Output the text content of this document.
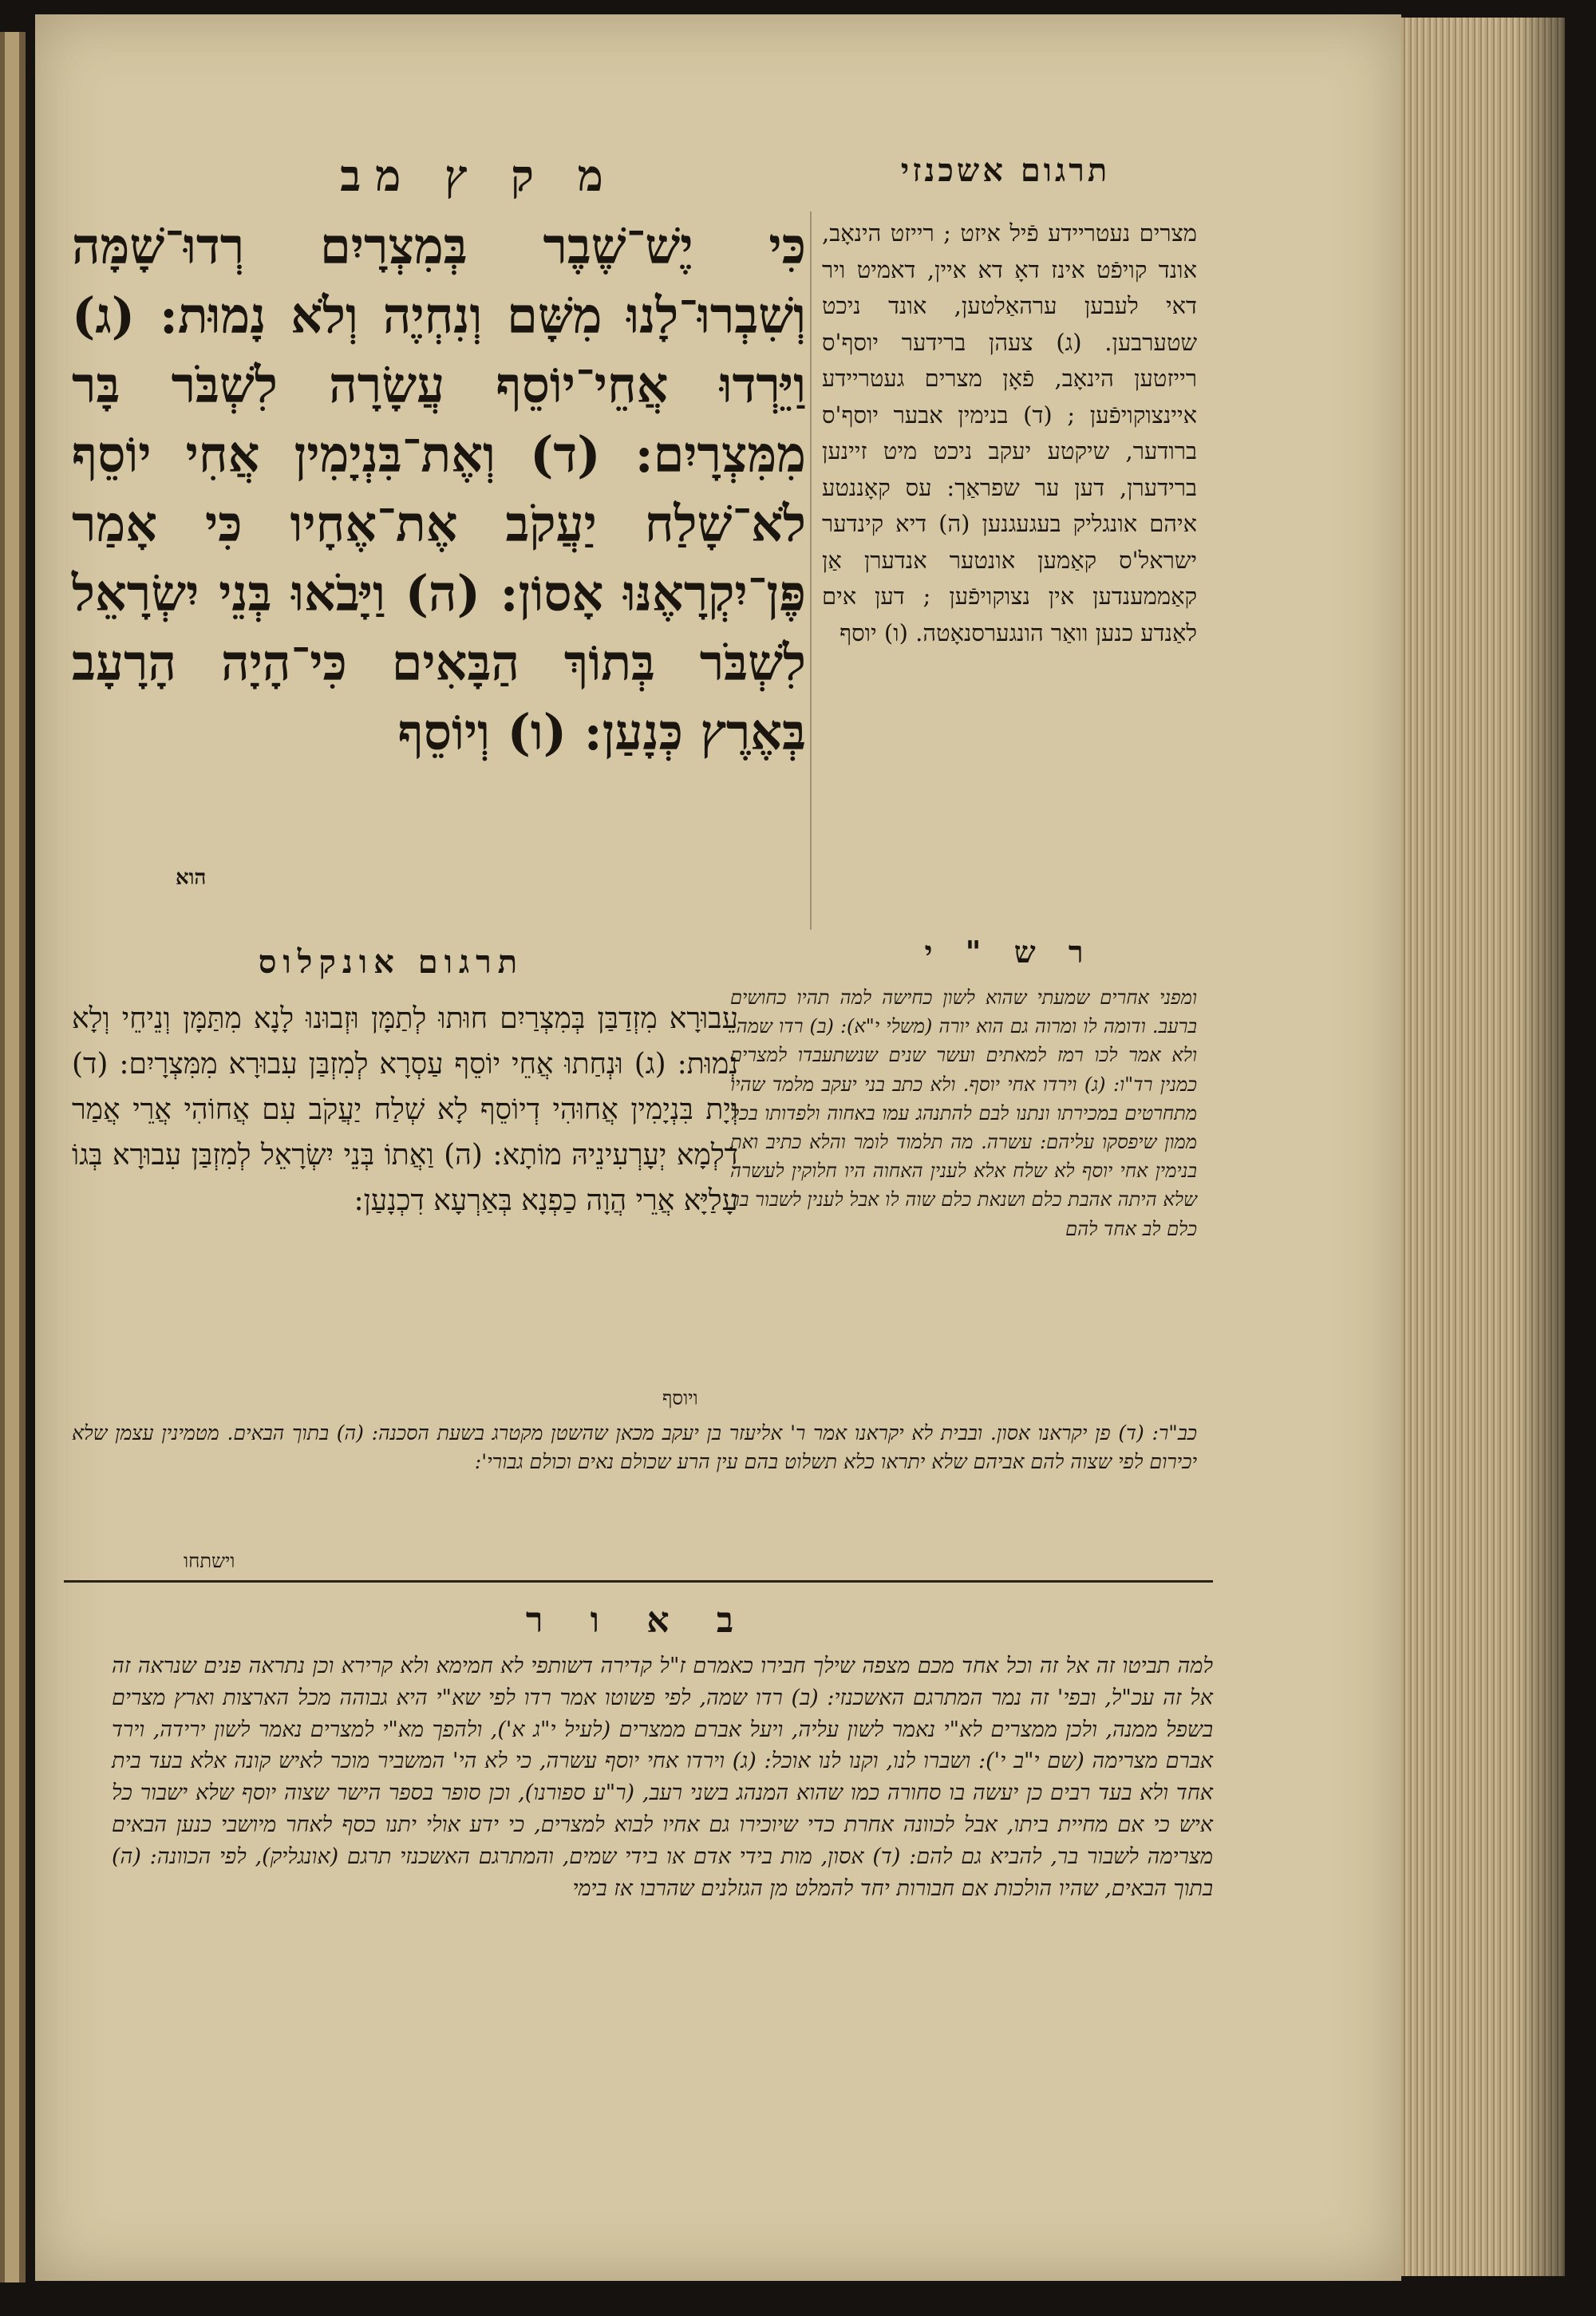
מ ק ץ מב	תרגום אשכנזי
כִּי יֶשׁ־שֶׁבֶר בְּמִצְרָיִם רְדוּ־שָׁמָּה וְשִׁבְרוּ־לָנוּ מִשָּׁם וְנִחְיֶה וְלֹא נָמוּת: (ג) וַיֵּרְדוּ אֲחֵי־יוֹסֵף עֲשָׂרָה לִשְׁבֹּר בָּר מִמִּצְרָיִם: (ד) וְאֶת־בִּנְיָמִין אֲחִי יוֹסֵף לֹא־שָׁלַח יַעֲקֹב אֶת־אֶחָיו כִּי אָמַר פֶּן־יִקְרָאֶנּוּ אָסוֹן: (ה) וַיָּבֹאוּ בְּנֵי יִשְׂרָאֵל לִשְׁבֹּר בְּתוֹךְ הַבָּאִים כִּי־הָיָה הָרָעָב בְּאֶרֶץ כְּנָעַן: (ו) וְיוֹסֵף
הוא
מצרים נעטריידע פֿיל איזט ; רייזט הינאָב, אונד קויפֿט אינז דאָ דא איין, דאמיט ויר דאי לעבען ערהאַלטען, אונד ניכט שטערבען. (ג) צעהן ברידער יוסף'ס רייזטען הינאָב, פֿאָן מצרים געטריידע איינצוקויפֿען ; (ד) בנימין אבער יוסף'ס ברודער, שיקטע יעקב ניכט מיט זיינען ברידערן, דען ער שפראַך: עס קאָננטע איהם אונגליק בעגעגנען (ה) דיא קינדער ישראל'ס קאַמען אונטער אנדערן אַן קאַממענדען אין נצוקויפֿען ; דען אים לאַנדע כנען וואַר הונגערסנאָטה. (ו) יוסף
ר ש " י
תרגום אונקלוס
עִבוּרָא מִזְדַבַּן בְּמִצְרַיִם חוּתוּ לְתַמָּן וּזְבוּנוּ לָנָא מִתַּמָּן וְנֵיחֵי וְלָא נְמוּת: (ג) וּנְחַתוּ אֲחֵי יוֹסֵף עַסְרָא לְמִזְבַּן עִבוּרָא מִמִּצְרָיִם: (ד) וְיָת בִּנְיָמִין אֲחוּהִי דְיוֹסֵף לָא שְׁלַח יַעֲקֹב עִם אֲחוֹהִי אֲרֵי אֲמַר דִלְמָא יְעָרְעִינֵיהּ מוֹתָא: (ה) וַאֲתוֹ בְּנֵי יִשְׂרָאֵל לְמִזְבַּן עִבוּרָא בְּגוֹ עָלַיָּא אֲרֵי הֲוָה כַפְנָא בְּאַרְעָא דִכְנָעַן:
ויוסף
ומפני אחרים שמעתי שהוא לשון כחישה למה תהיו כחושים ברעב. ודומה לו ומרוה גם הוא יורה (משלי י"א): (ב) רדו שמה. ולא אמר לכו רמז למאתים ועשר שנים שנשתעבדו למצרים כמנין רד"ו: (ג) וירדו אחי יוסף. ולא כתב בני יעקב מלמד שהיו מתחרטים במכירתו ונתנו לבם להתנהג עמו באחוה ולפדותו בכל ממון שיפסקו עליהם: עשרה. מה תלמוד לומר והלא כתיב ואת בנימין אחי יוסף לא שלח אלא לענין האחוה היו חלוקין לעשרה שלא היתה אהבת כלם ושנאת כלם שוה לו אבל לענין לשבור בר כלם לב אחד להם
כב"ר: (ד) פן יקראנו אסון. ובבית לא יקראנו אמר ר' אליעזר בן יעקב מכאן שהשטן מקטרג בשעת הסכנה: (ה) בתוך הבאים. מטמינין עצמן שלא יכירום לפי שצוה להם אביהם שלא יתראו כלא תשלוט בהם עין הרע שכולם נאים וכולם גבורי':
וישתחו
ב א ו ר
למה תביטו זה אל זה וכל אחד מכם מצפה שילך חבירו כאמרם ז"ל קדירה דשותפי לא חמימא ולא קרירא וכן נתראה פנים שנראה זה אל זה עכ"ל, ובפי' זה נמר המתרגם האשכנזי: (ב) רדו שמה, לפי פשוטו אמר רדו לפי שא"י היא גבוהה מכל הארצות וארץ מצרים בשפל ממנה, ולכן ממצרים לא"י נאמר לשון עליה, ויעל אברם ממצרים (לעיל י"ג א'), ולהפך מא"י למצרים נאמר לשון ירידה, וירד אברם מצרימה (שם י"ב י'): ושברו לנו, וקנו לנו אוכל: (ג) וירדו אחי יוסף עשרה, כי לא הי' המשביר מוכר לאיש קונה אלא בעד בית אחד ולא בעד רבים כן יעשה בו סחורה כמו שהוא המנהג בשני רעב, (ר"ע ספורנו), וכן סופר בספר הישר שצוה יוסף שלא ישבור כל איש כי אם מחיית ביתו, אבל לכוונה אחרת כדי שיוכירו גם אחיו לבוא למצרים, כי ידע אולי יתנו כסף לאחר מיושבי כנען הבאים מצרימה לשבור בר, להביא גם להם: (ד) אסון, מות בידי אדם או בידי שמים, והמתרגם האשכנזי תרגם (אונגליק), לפי הכוונה: (ה) בתוך הבאים, שהיו הולכות אם חבורות יחד להמלט מן הגזלנים שהרבו אז בימי
